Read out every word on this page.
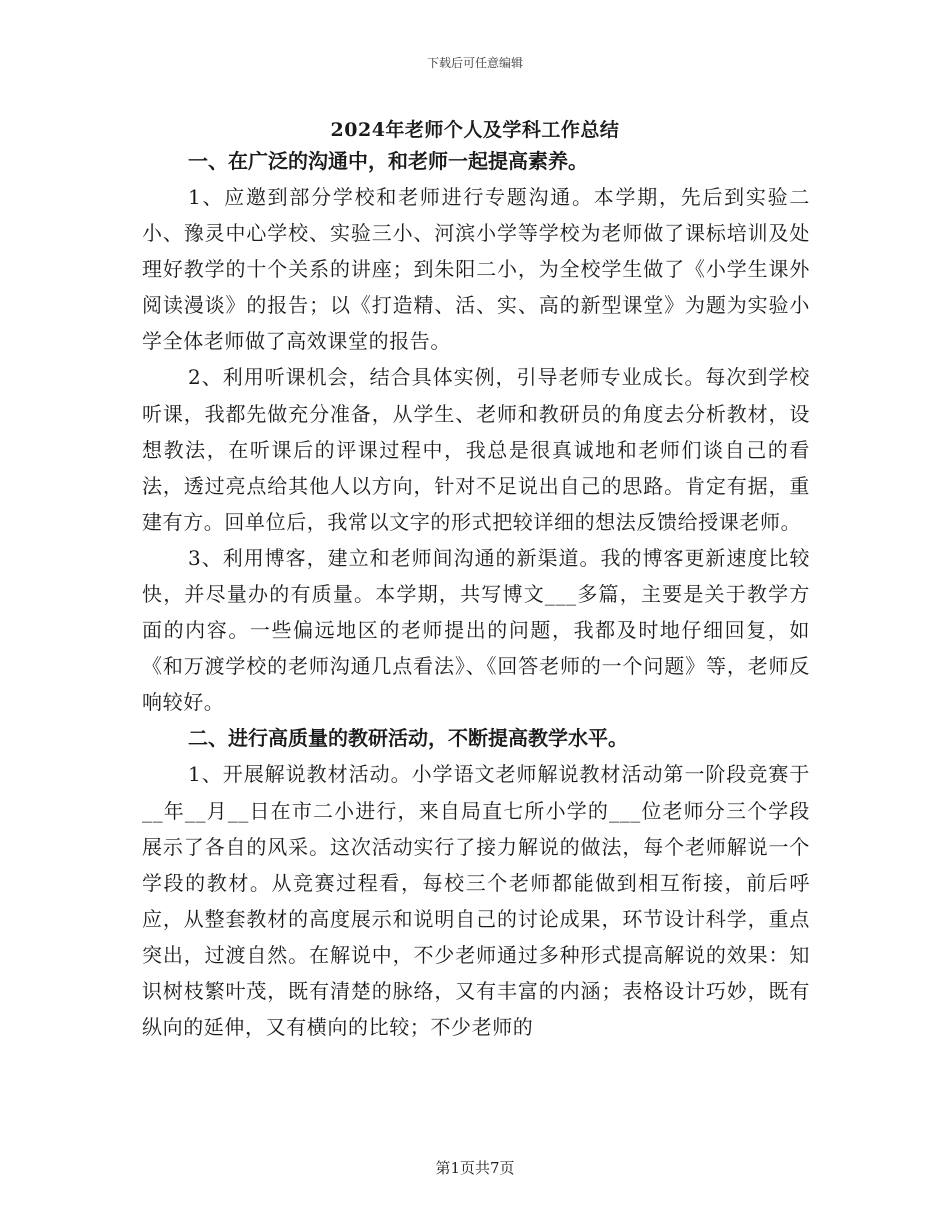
下载后可任意编辑
2024年老师个人及学科工作总结

一、在广泛的沟通中，和老师一起提高素养。

1、应邀到部分学校和老师进行专题沟通。本学期，先后到实验二小、豫灵中心学校、实验三小、河滨小学等学校为老师做了课标培训及处理好教学的十个关系的讲座；到朱阳二小，为全校学生做了《小学生课外阅读漫谈》的报告；以《打造精、活、实、高的新型课堂》为题为实验小学全体老师做了高效课堂的报告。

2、利用听课机会，结合具体实例，引导老师专业成长。每次到学校听课，我都先做充分准备，从学生、老师和教研员的角度去分析教材，设想教法，在听课后的评课过程中，我总是很真诚地和老师们谈自己的看法，透过亮点给其他人以方向，针对不足说出自己的思路。肯定有据，重建有方。回单位后，我常以文字的形式把较详细的想法反馈给授课老师。

3、利用博客，建立和老师间沟通的新渠道。我的博客更新速度比较快，并尽量办的有质量。本学期，共写博文___多篇，主要是关于教学方面的内容。一些偏远地区的老师提出的问题，我都及时地仔细回复，如《和万渡学校的老师沟通几点看法》、《回答老师的一个问题》等，老师反响较好。

二、进行高质量的教研活动，不断提高教学水平。

1、开展解说教材活动。小学语文老师解说教材活动第一阶段竞赛于__年__月__日在市二小进行，来自局直七所小学的___位老师分三个学段展示了各自的风采。这次活动实行了接力解说的做法，每个老师解说一个学段的教材。从竞赛过程看，每校三个老师都能做到相互衔接，前后呼应，从整套教材的高度展示和说明自己的讨论成果，环节设计科学，重点突出，过渡自然。在解说中，不少老师通过多种形式提高解说的效果：知识树枝繁叶茂，既有清楚的脉络，又有丰富的内涵；表格设计巧妙，既有纵向的延伸，又有横向的比较；不少老师的

第1页共7页
